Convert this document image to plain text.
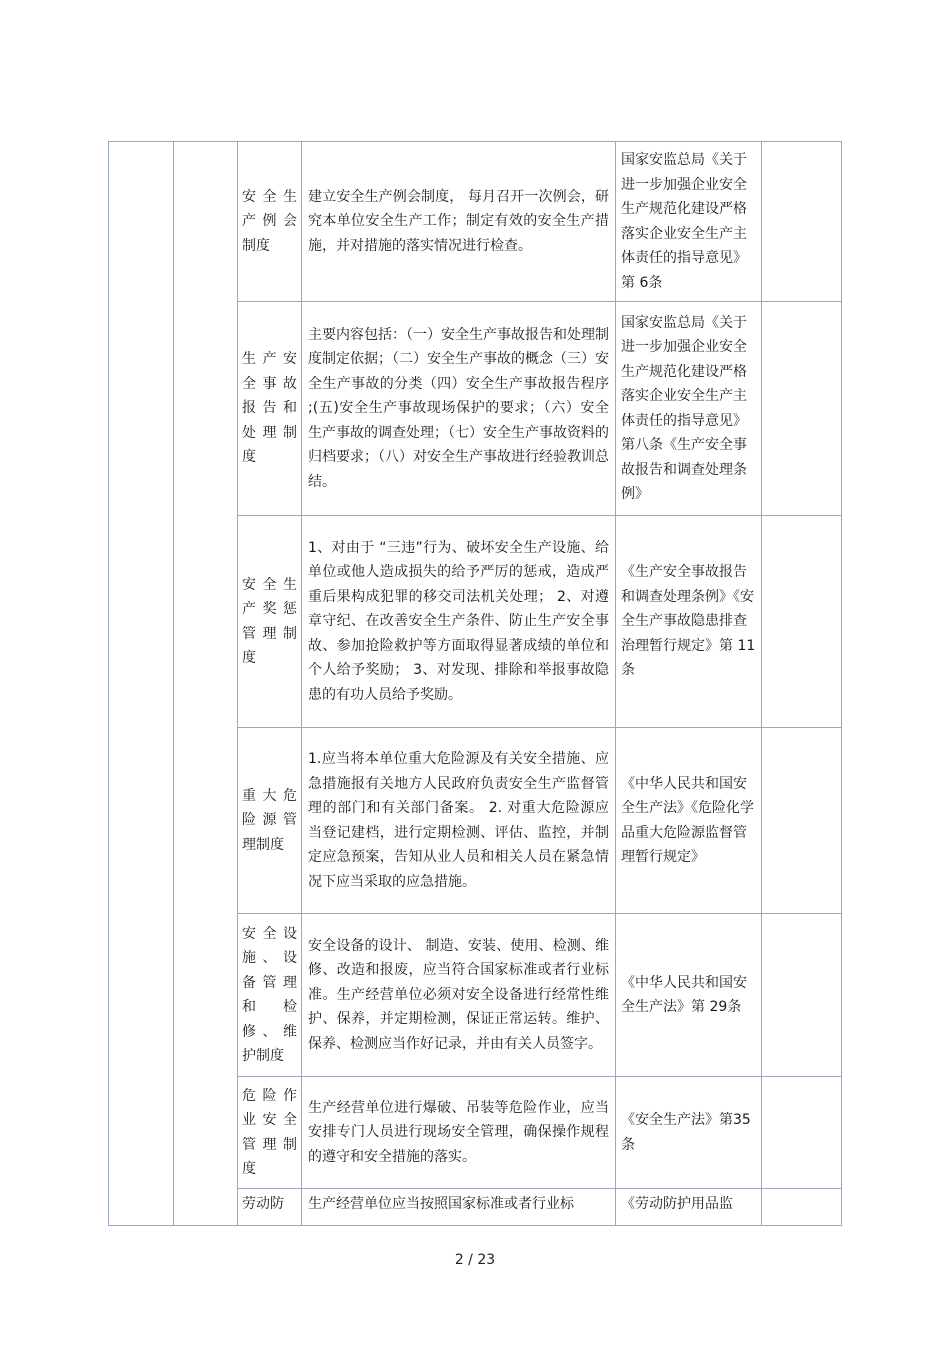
		安全生产例会制度	建立安全生产例会制度， 每月召开一次例会，研究本单位安全生产工作；制定有效的安全生产措施，并对措施的落实情况进行检查。	国家安监总局《关于进一步加强企业安全生产规范化建设严格落实企业安全生产主体责任的指导意见》第 6条	
		生产安全事故报告和处理制度	主要内容包括：（一）安全生产事故报告和处理制度制定依据；（二）安全生产事故的概念（三）安全生产事故的分类（四）安全生产事故报告程序 ;(五)安全生产事故现场保护的要求；（六）安全生产事故的调查处理；（七）安全生产事故资料的归档要求；（八）对安全生产事故进行经验教训总结。	国家安监总局《关于进一步加强企业安全生产规范化建设严格落实企业安全生产主体责任的指导意见》第八条《生产安全事故报告和调查处理条例》	
		安全生产奖惩管理制度	1、对由于 “三违”行为、破坏安全生产设施、给单位或他人造成损失的给予严厉的惩戒，造成严重后果构成犯罪的移交司法机关处理； 2、对遵章守纪、在改善安全生产条件、防止生产安全事故、参加抢险救护等方面取得显著成绩的单位和个人给予奖励； 3、对发现、排除和举报事故隐患的有功人员给予奖励。	《生产安全事故报告和调查处理条例》《安全生产事故隐患排查治理暂行规定》第 11条	
		重大危险源管理制度	1.应当将本单位重大危险源及有关安全措施、应急措施报有关地方人民政府负责安全生产监督管理的部门和有关部门备案。 2. 对重大危险源应当登记建档，进行定期检测、评估、监控，并制定应急预案，告知从业人员和相关人员在紧急情况下应当采取的应急措施。	《中华人民共和国安全生产法》《危险化学品重大危险源监督管理暂行规定》	
		安全设施、设备管理和检修、维护制度	安全设备的设计、 制造、安装、使用、检测、维修、改造和报废，应当符合国家标准或者行业标准。生产经营单位必须对安全设备进行经常性维护、保养，并定期检测，保证正常运转。维护、保养、检测应当作好记录，并由有关人员签字。	《中华人民共和国安全生产法》第 29条	
		危险作业安全管理制度	生产经营单位进行爆破、吊装等危险作业，应当安排专门人员进行现场安全管理，确保操作规程的遵守和安全措施的落实。	《安全生产法》第35条	
		劳动防	生产经营单位应当按照国家标准或者行业标	《劳动防护用品监	
2 / 23
